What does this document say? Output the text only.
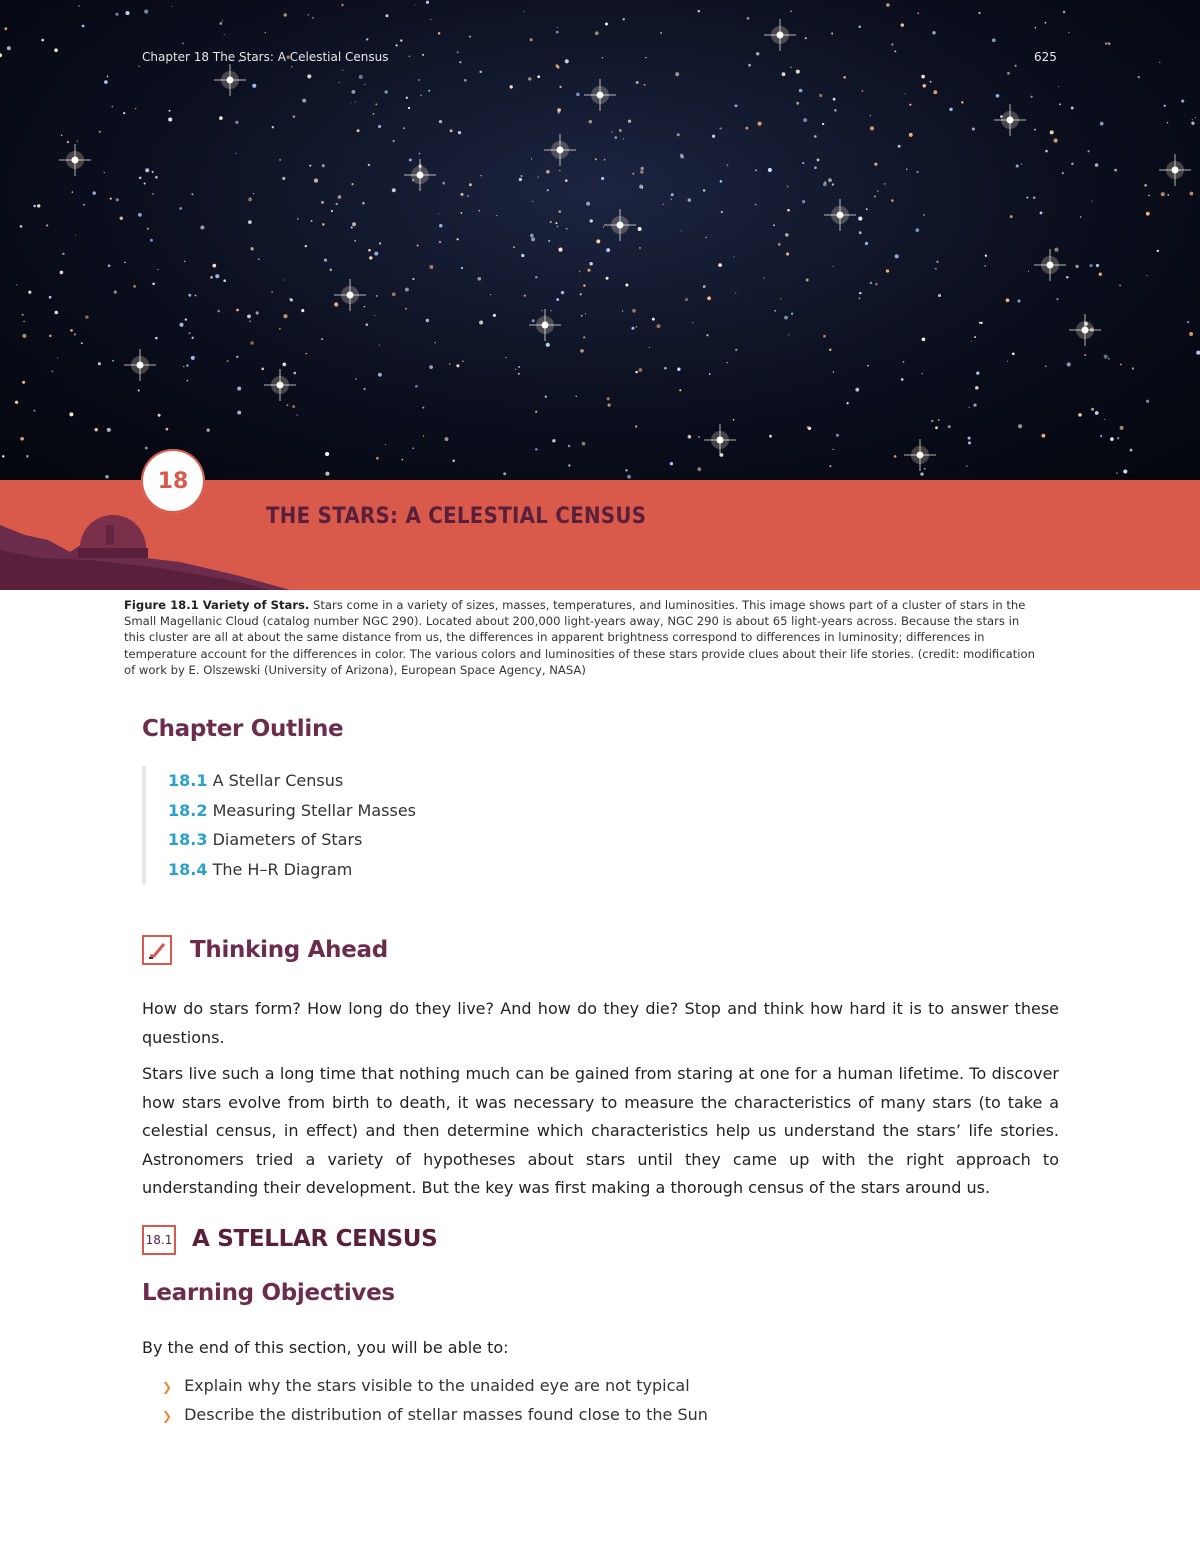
Chapter 18 The Stars: A Celestial Census	625
18
THE STARS: A CELESTIAL CENSUS
Figure 18.1 Variety of Stars. Stars come in a variety of sizes, masses, temperatures, and luminosities. This image shows part of a cluster of stars in the Small Magellanic Cloud (catalog number NGC 290). Located about 200,000 light-years away, NGC 290 is about 65 light-years across. Because the stars in this cluster are all at about the same distance from us, the differences in apparent brightness correspond to differences in luminosity; differences in temperature account for the differences in color. The various colors and luminosities of these stars provide clues about their life stories. (credit: modification of work by E. Olszewski (University of Arizona), European Space Agency, NASA)
Chapter Outline
18.1 A Stellar Census
18.2 Measuring Stellar Masses
18.3 Diameters of Stars
18.4 The H–R Diagram
Thinking Ahead

How do stars form? How long do they live? And how do they die? Stop and think how hard it is to answer these questions.

Stars live such a long time that nothing much can be gained from staring at one for a human lifetime. To discover how stars evolve from birth to death, it was necessary to measure the characteristics of many stars (to take a celestial census, in effect) and then determine which characteristics help us understand the stars’ life stories. Astronomers tried a variety of hypotheses about stars until they came up with the right approach to understanding their development. But the key was first making a thorough census of the stars around us.

18.1 A STELLAR CENSUS
Learning Objectives
By the end of this section, you will be able to:
❯ Explain why the stars visible to the unaided eye are not typical
❯ Describe the distribution of stellar masses found close to the Sun
